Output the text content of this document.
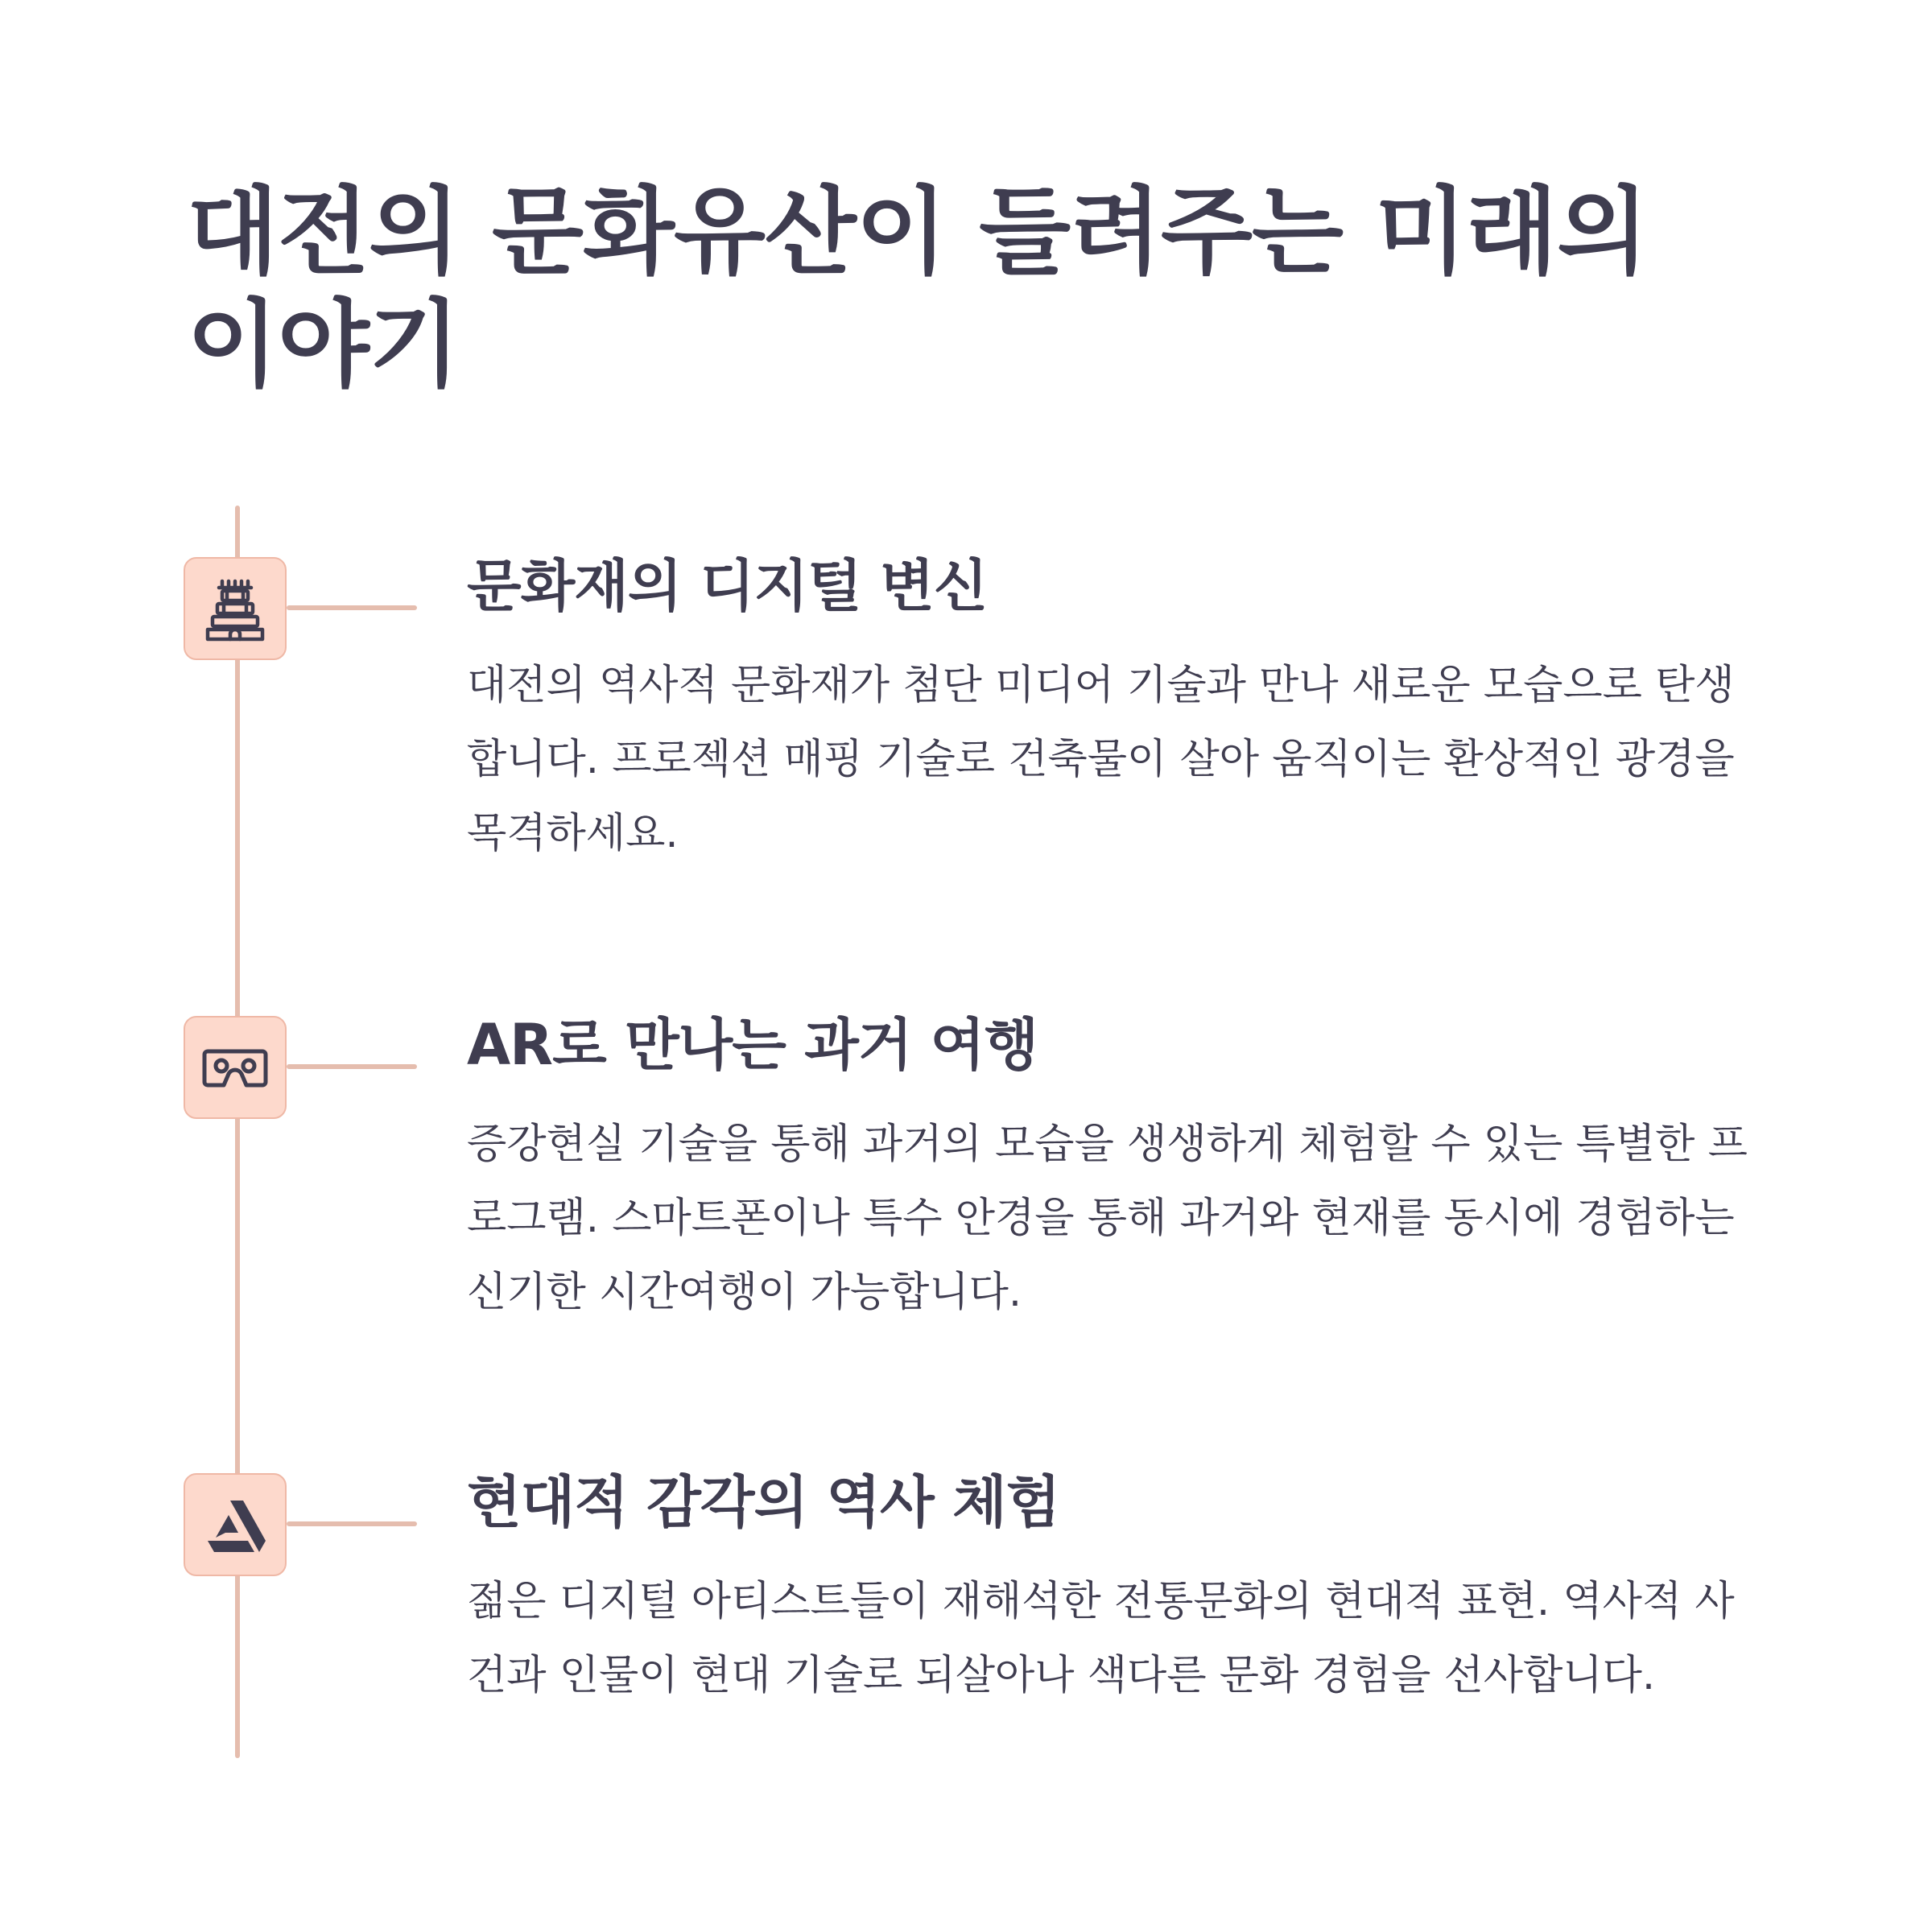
대전의 문화유산이 들려주는 미래의 이야기
문화재의 디지털 변신

대전의 역사적 문화재가 첨단 미디어 기술과 만나 새로운 모습으로 탄생합니다. 프로젝션 매핑 기술로 건축물이 살아 움직이는 환상적인 광경을 목격하세요.

AR로 만나는 과거 여행

증강현실 기술을 통해 과거의 모습을 생생하게 체험할 수 있는 특별한 프로그램. 스마트폰이나 특수 안경을 통해 과거와 현재를 동시에 경험하는 신기한 시간여행이 가능합니다.

현대적 감각의 역사 체험

젊은 디지털 아티스트들이 재해석한 전통문화의 현대적 표현. 역사적 사건과 인물이 현대 기술로 되살아나 색다른 문화 경험을 선사합니다.
